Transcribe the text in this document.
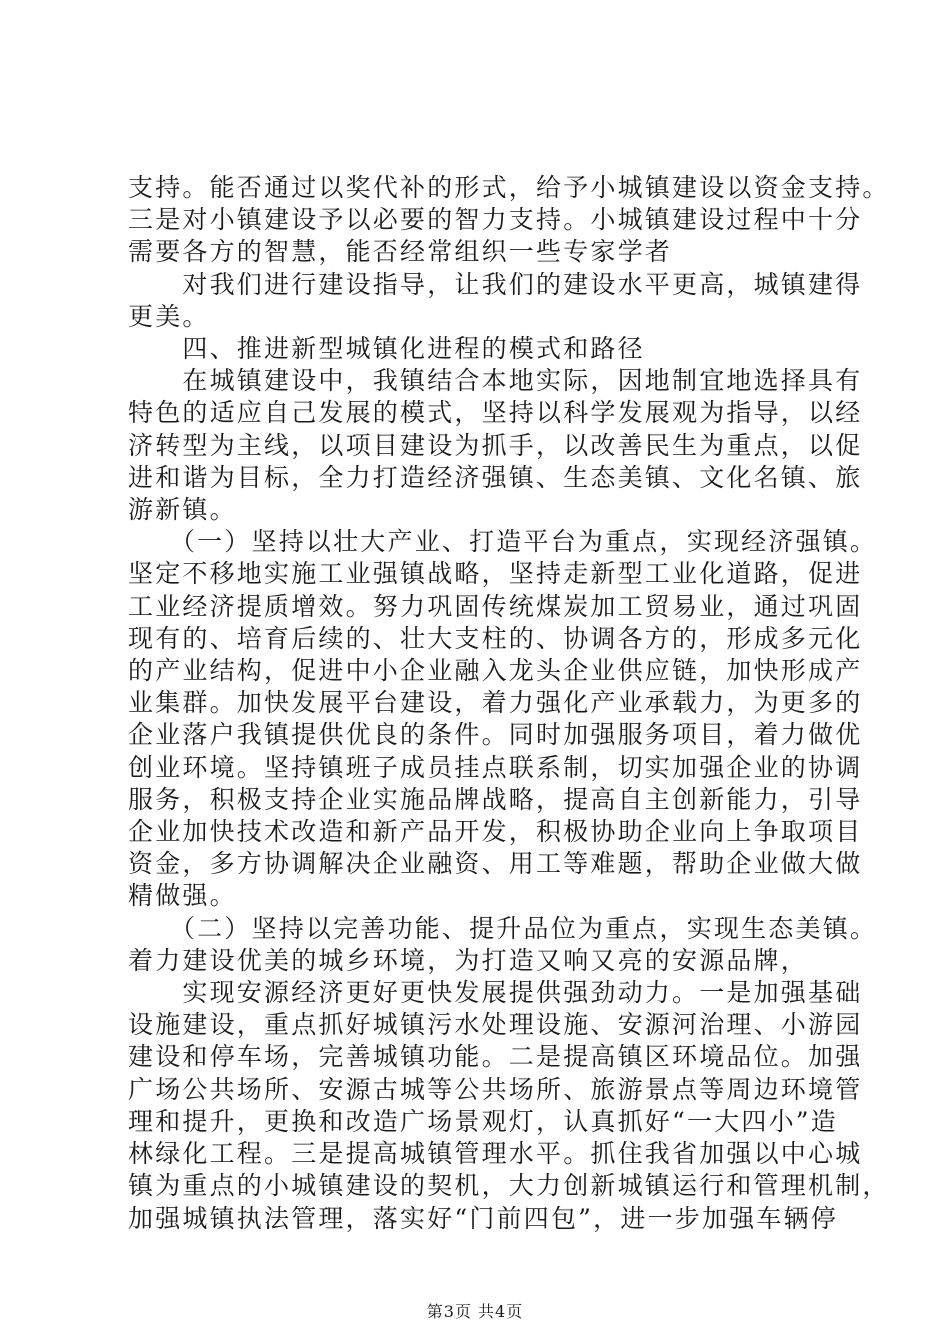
支持。能否通过以奖代补的形式，给予小城镇建设以资金支持。
三是对小镇建设予以必要的智力支持。小城镇建设过程中十分
需要各方的智慧，能否经常组织一些专家学者
　　对我们进行建设指导，让我们的建设水平更高，城镇建得
更美。
　　四、推进新型城镇化进程的模式和路径
　　在城镇建设中，我镇结合本地实际，因地制宜地选择具有
特色的适应自己发展的模式，坚持以科学发展观为指导，以经
济转型为主线，以项目建设为抓手，以改善民生为重点，以促
进和谐为目标，全力打造经济强镇、生态美镇、文化名镇、旅
游新镇。
　　（一）坚持以壮大产业、打造平台为重点，实现经济强镇。
坚定不移地实施工业强镇战略，坚持走新型工业化道路，促进
工业经济提质增效。努力巩固传统煤炭加工贸易业，通过巩固
现有的、培育后续的、壮大支柱的、协调各方的，形成多元化
的产业结构，促进中小企业融入龙头企业供应链，加快形成产
业集群。加快发展平台建设，着力强化产业承载力，为更多的
企业落户我镇提供优良的条件。同时加强服务项目，着力做优
创业环境。坚持镇班子成员挂点联系制，切实加强企业的协调
服务，积极支持企业实施品牌战略，提高自主创新能力，引导
企业加快技术改造和新产品开发，积极协助企业向上争取项目
资金，多方协调解决企业融资、用工等难题，帮助企业做大做
精做强。
　　（二）坚持以完善功能、提升品位为重点，实现生态美镇。
着力建设优美的城乡环境，为打造又响又亮的安源品牌，
　　实现安源经济更好更快发展提供强劲动力。一是加强基础
设施建设，重点抓好城镇污水处理设施、安源河治理、小游园
建设和停车场，完善城镇功能。二是提高镇区环境品位。加强
广场公共场所、安源古城等公共场所、旅游景点等周边环境管
理和提升，更换和改造广场景观灯，认真抓好“一大四小”造
林绿化工程。三是提高城镇管理水平。抓住我省加强以中心城
镇为重点的小城镇建设的契机，大力创新城镇运行和管理机制，
加强城镇执法管理，落实好“门前四包”，进一步加强车辆停
第3页 共4页
